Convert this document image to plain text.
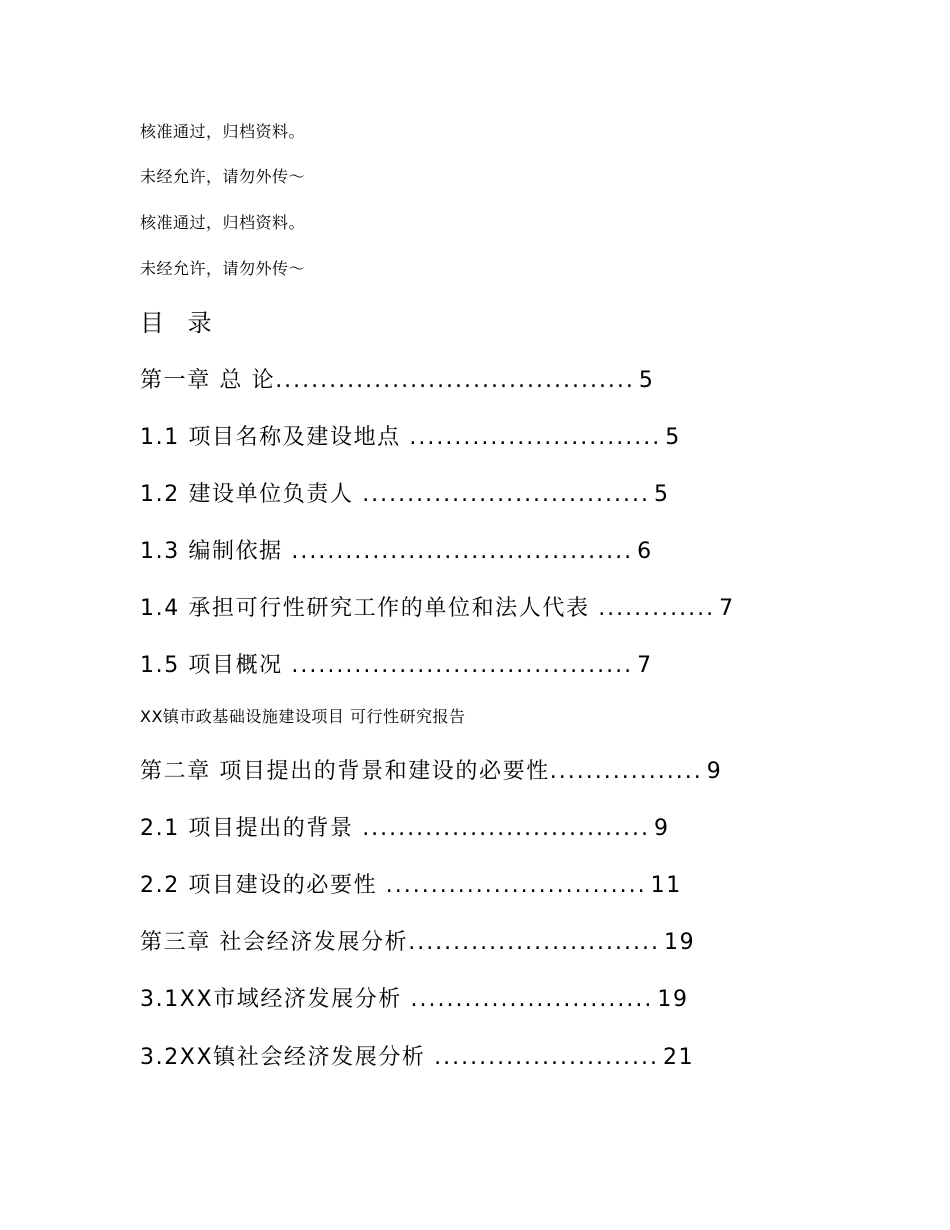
核准通过，归档资料。

未经允许，请勿外传～

核准通过，归档资料。

未经允许，请勿外传～

目 录

第一章 总 论........................................ 5
1.1 项目名称及建设地点 ............................ 5
1.2 建设单位负责人 ................................ 5
1.3 编制依据 ...................................... 6
1.4 承担可行性研究工作的单位和法人代表 ............. 7
1.5 项目概况 ...................................... 7

XX镇市政基础设施建设项目 可行性研究报告

第二章 项目提出的背景和建设的必要性................. 9
2.1 项目提出的背景 ................................ 9
2.2 项目建设的必要性 ............................. 11
第三章 社会经济发展分析............................ 19
3.1XX市域经济发展分析 ........................... 19
3.2XX镇社会经济发展分析 ......................... 21
